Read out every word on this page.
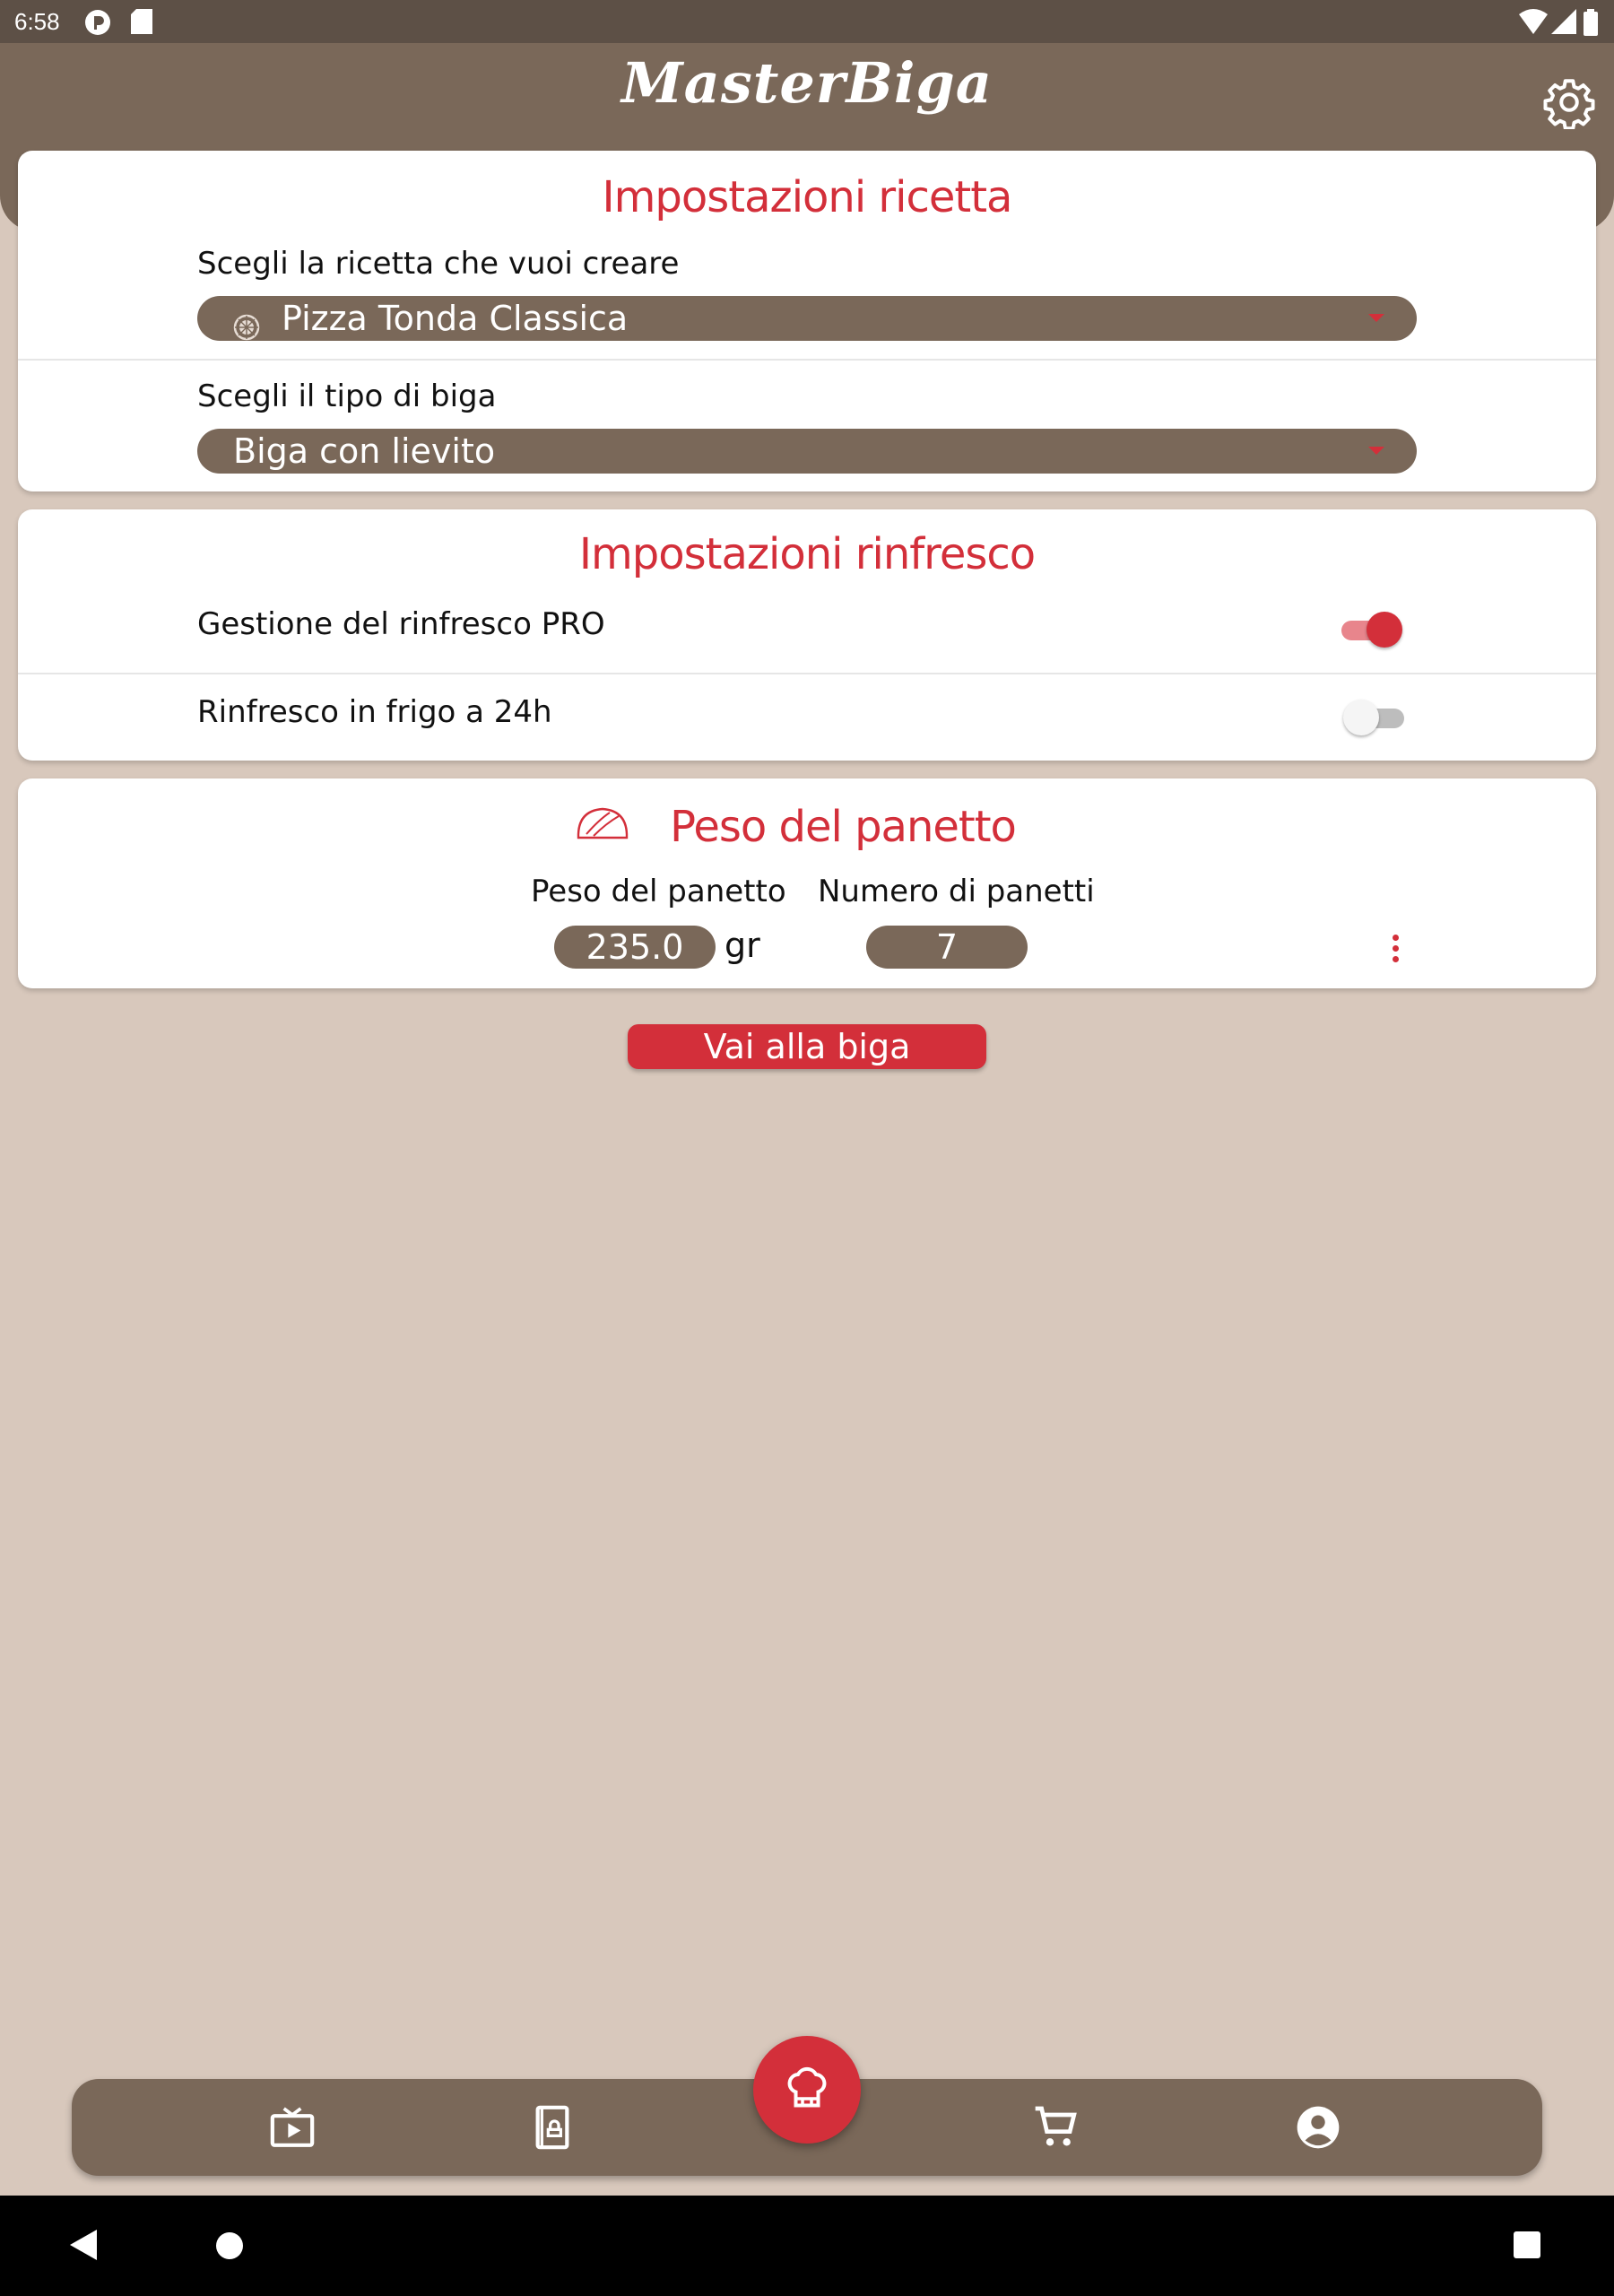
6:58
MasterBiga
Impostazioni ricetta
Scegli la ricetta che vuoi creare
Pizza Tonda Classica
Scegli il tipo di biga
Biga con lievito
Impostazioni rinfresco
Gestione del rinfresco PRO
Rinfresco in frigo a 24h
Peso del panetto
Peso del panetto Numero di panetti
235.0	gr	7
Vai alla biga
